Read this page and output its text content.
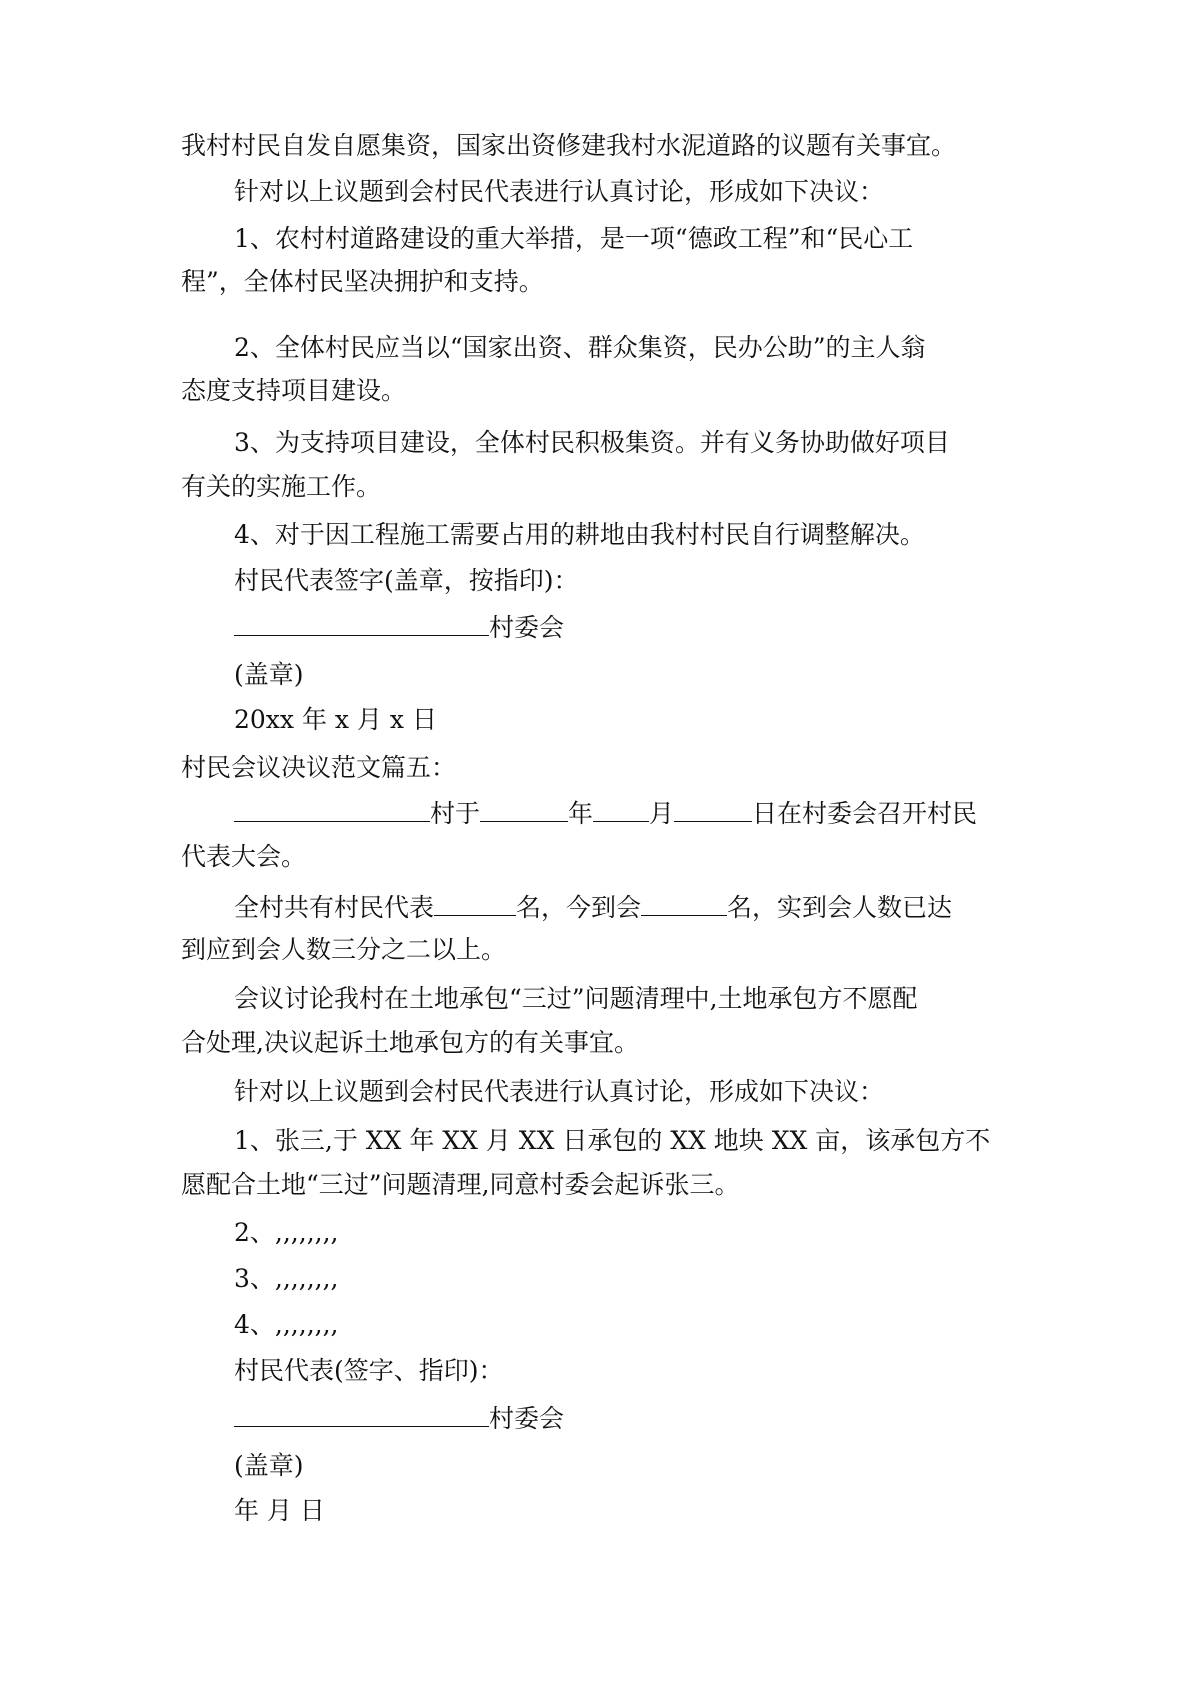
我村村民自发自愿集资，国家出资修建我村水泥道路的议题有关事宜。
针对以上议题到会村民代表进行认真讨论，形成如下决议：
1、农村村道路建设的重大举措，是一项“德政工程”和“民心工
程”，全体村民坚决拥护和支持。
2、全体村民应当以“国家出资、群众集资，民办公助”的主人翁
态度支持项目建设。
3、为支持项目建设，全体村民积极集资。并有义务协助做好项目
有关的实施工作。
4、对于因工程施工需要占用的耕地由我村村民自行调整解决。
村民代表签字(盖章，按指印)：
村委会
(盖章)
20xx 年 x 月 x 日
村民会议决议范文篇五：
村于	年 月	日在村委会召开村民
代表大会。
全村共有村民代表	名，今到会	名，实到会人数已达
到应到会人数三分之二以上。
会议讨论我村在土地承包“三过”问题清理中,土地承包方不愿配
合处理,决议起诉土地承包方的有关事宜。
针对以上议题到会村民代表进行认真讨论，形成如下决议：
1、张三,于 XX 年 XX 月 XX 日承包的 XX 地块 XX 亩，该承包方不
愿配合土地“三过”问题清理,同意村委会起诉张三。
2、,,,,,,,,
3、,,,,,,,,
4、,,,,,,,,
村民代表(签字、指印)：
村委会
(盖章)
年 月 日
